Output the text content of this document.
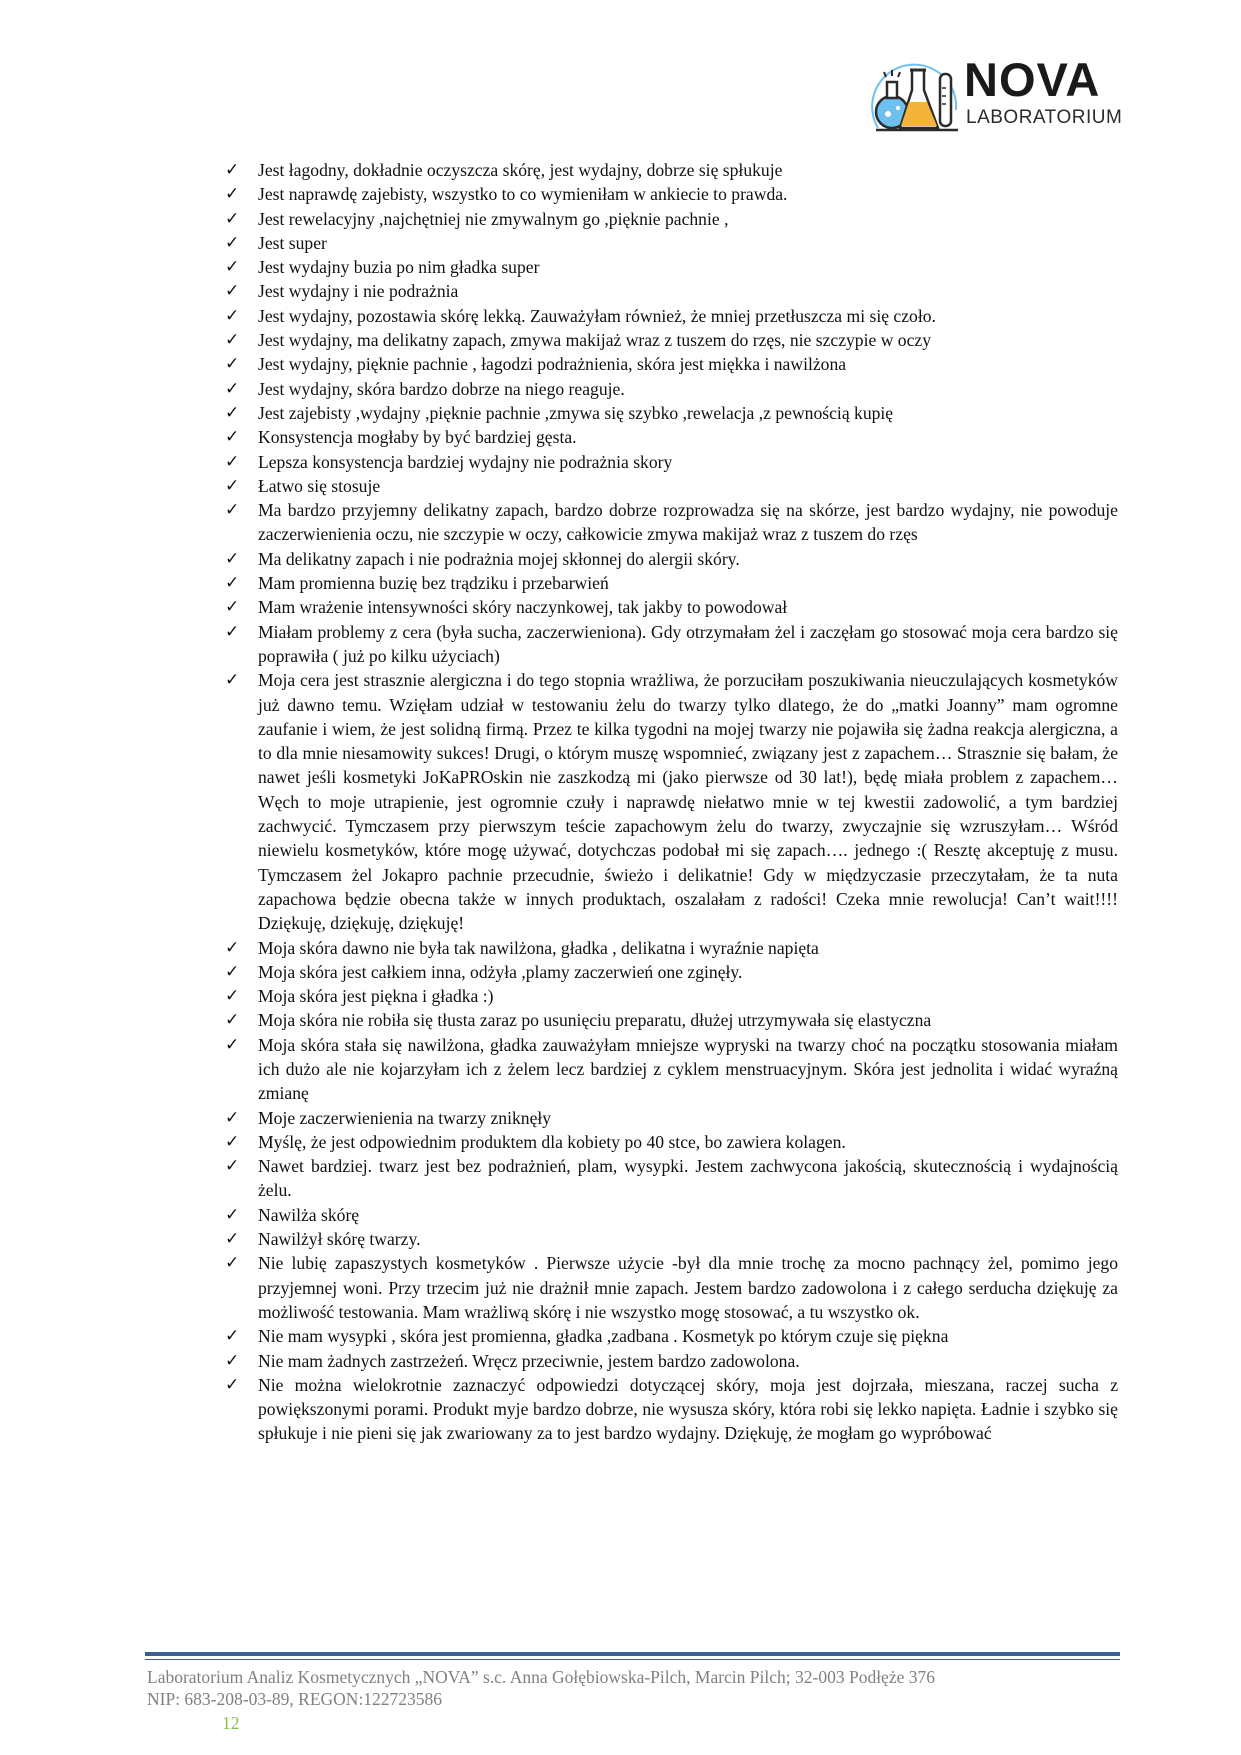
NOVA
LABORATORIUM
✓ Jest łagodny, dokładnie oczyszcza skórę, jest wydajny, dobrze się spłukuje
✓ Jest naprawdę zajebisty, wszystko to co wymieniłam w ankiecie to prawda.
✓ Jest rewelacyjny ,najchętniej nie zmywalnym go ,pięknie pachnie ,
✓ Jest super
✓ Jest wydajny buzia po nim gładka super
✓ Jest wydajny i nie podrażnia
✓ Jest wydajny, pozostawia skórę lekką. Zauważyłam również, że mniej przetłuszcza mi się czoło.
✓ Jest wydajny, ma delikatny zapach, zmywa makijaż wraz z tuszem do rzęs, nie szczypie w oczy
✓ Jest wydajny, pięknie pachnie , łagodzi podrażnienia, skóra jest miękka i nawilżona
✓ Jest wydajny, skóra bardzo dobrze na niego reaguje.
✓ Jest zajebisty ,wydajny ,pięknie pachnie ,zmywa się szybko ,rewelacja ,z pewnością kupię
✓ Konsystencja mogłaby by być bardziej gęsta.
✓ Lepsza konsystencja bardziej wydajny nie podrażnia skory
✓ Łatwo się stosuje
✓ Ma bardzo przyjemny delikatny zapach, bardzo dobrze rozprowadza się na skórze, jest bardzo wydajny, nie powoduje zaczerwienienia oczu, nie szczypie w oczy, całkowicie zmywa makijaż wraz z tuszem do rzęs
✓ Ma delikatny zapach i nie podrażnia mojej skłonnej do alergii skóry.
✓ Mam promienna buzię bez trądziku i przebarwień
✓ Mam wrażenie intensywności skóry naczynkowej, tak jakby to powodował
✓ Miałam problemy z cera (była sucha, zaczerwieniona). Gdy otrzymałam żel i zaczęłam go stosować moja cera bardzo się poprawiła ( już po kilku użyciach)
✓ Moja cera jest strasznie alergiczna i do tego stopnia wrażliwa, że porzuciłam poszukiwania nieuczulających kosmetyków już dawno temu. Wzięłam udział w testowaniu żelu do twarzy tylko dlatego, że do „matki Joanny” mam ogromne zaufanie i wiem, że jest solidną firmą. Przez te kilka tygodni na mojej twarzy nie pojawiła się żadna reakcja alergiczna, a to dla mnie niesamowity sukces! Drugi, o którym muszę wspomnieć, związany jest z zapachem… Strasznie się bałam, że nawet jeśli kosmetyki JoKaPROskin nie zaszkodzą mi (jako pierwsze od 30 lat!), będę miała problem z zapachem… Węch to moje utrapienie, jest ogromnie czuły i naprawdę niełatwo mnie w tej kwestii zadowolić, a tym bardziej zachwycić. Tymczasem przy pierwszym teście zapachowym żelu do twarzy, zwyczajnie się wzruszyłam… Wśród niewielu kosmetyków, które mogę używać, dotychczas podobał mi się zapach…. jednego :( Resztę akceptuję z musu. Tymczasem żel Jokapro pachnie przecudnie, świeżo i delikatnie! Gdy w międzyczasie przeczytałam, że ta nuta zapachowa będzie obecna także w innych produktach, oszalałam z radości! Czeka mnie rewolucja! Can’t wait!!!! Dziękuję, dziękuję, dziękuję!
✓ Moja skóra dawno nie była tak nawilżona, gładka , delikatna i wyraźnie napięta
✓ Moja skóra jest całkiem inna, odżyła ,plamy zaczerwień one zginęły.
✓ Moja skóra jest piękna i gładka :)
✓ Moja skóra nie robiła się tłusta zaraz po usunięciu preparatu, dłużej utrzymywała się elastyczna
✓ Moja skóra stała się nawilżona, gładka zauważyłam mniejsze wypryski na twarzy choć na początku stosowania miałam ich dużo ale nie kojarzyłam ich z żelem lecz bardziej z cyklem menstruacyjnym. Skóra jest jednolita i widać wyraźną zmianę
✓ Moje zaczerwienienia na twarzy zniknęły
✓ Myślę, że jest odpowiednim produktem dla kobiety po 40 stce, bo zawiera kolagen.
✓ Nawet bardziej. twarz jest bez podrażnień, plam, wysypki. Jestem zachwycona jakością, skutecznością i wydajnością żelu.
✓ Nawilża skórę
✓ Nawilżył skórę twarzy.
✓ Nie lubię zapaszystych kosmetyków . Pierwsze użycie -był dla mnie trochę za mocno pachnący żel, pomimo jego przyjemnej woni. Przy trzecim już nie drażnił mnie zapach. Jestem bardzo zadowolona i z całego serducha dziękuję za możliwość testowania. Mam wrażliwą skórę i nie wszystko mogę stosować, a tu wszystko ok.
✓ Nie mam wysypki , skóra jest promienna, gładka ,zadbana . Kosmetyk po którym czuje się piękna
✓ Nie mam żadnych zastrzeżeń. Wręcz przeciwnie, jestem bardzo zadowolona.
✓ Nie można wielokrotnie zaznaczyć odpowiedzi dotyczącej skóry, moja jest dojrzała, mieszana, raczej sucha z powiększonymi porami. Produkt myje bardzo dobrze, nie wysusza skóry, która robi się lekko napięta. Ładnie i szybko się spłukuje i nie pieni się jak zwariowany za to jest bardzo wydajny. Dziękuję, że mogłam go wypróbować
Laboratorium Analiz Kosmetycznych „NOVA” s.c. Anna Gołębiowska-Pilch, Marcin Pilch; 32-003 Podłęże 376
NIP: 683-208-03-89, REGON:122723586
12
